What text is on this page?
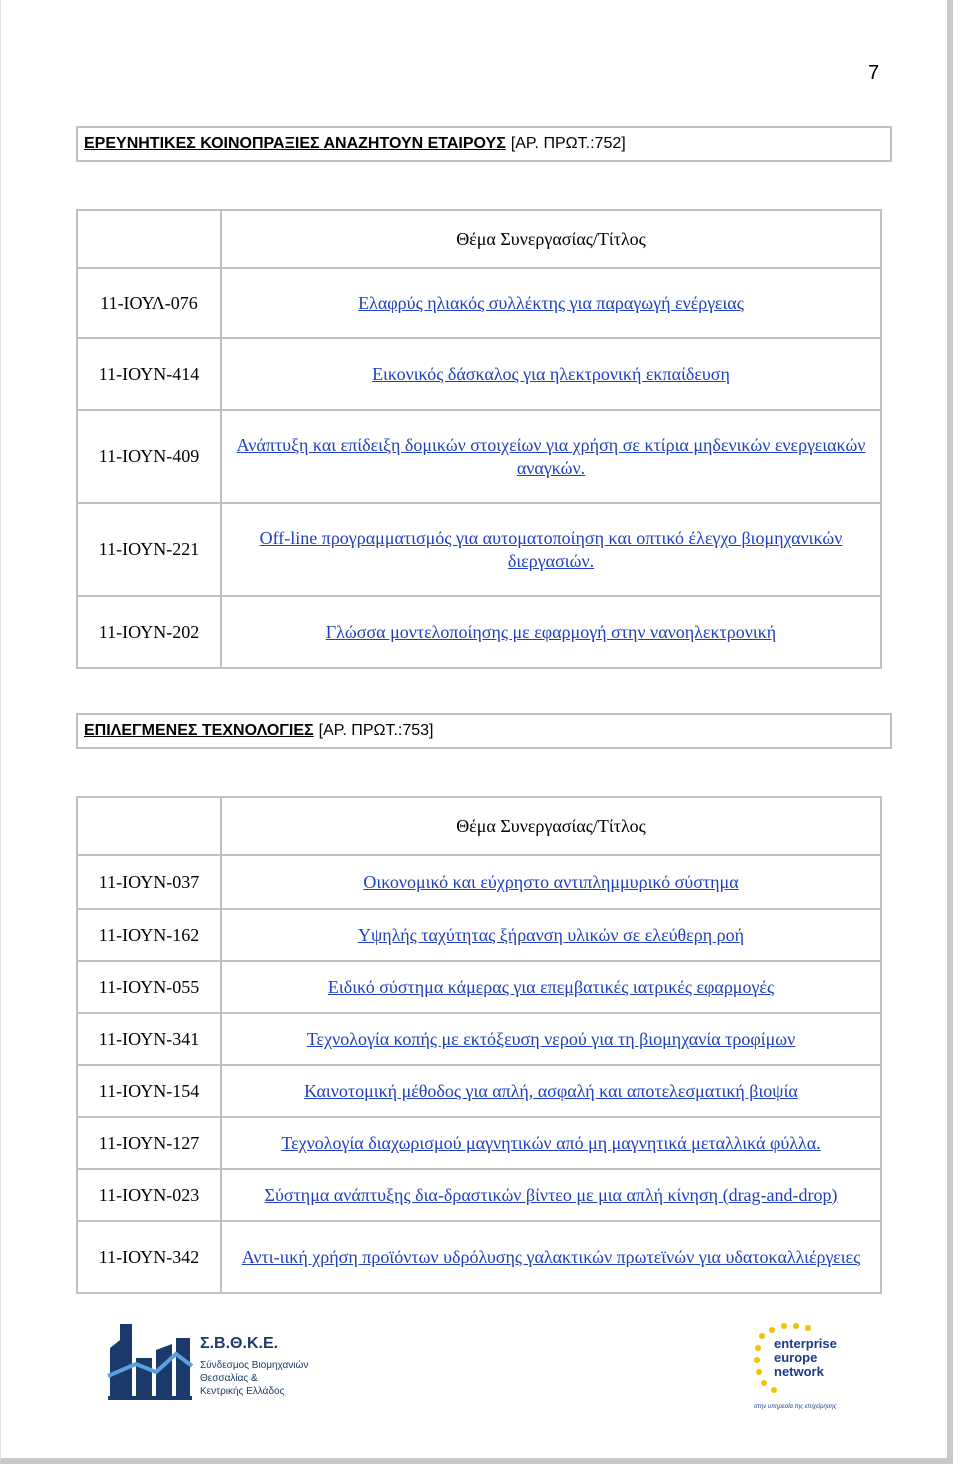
7
ΕΡΕΥΝΗΤΙΚΕΣ ΚΟΙΝΟΠΡΑΞΙΕΣ ΑΝΑΖΗΤΟΥΝ ΕΤΑΙΡΟΥΣ [ΑΡ. ΠΡΩΤ.:752]
	Θέμα Συνεργασίας/Τίτλος
11-ΙΟΥΛ-076	Ελαφρύς ηλιακός συλλέκτης για παραγωγή ενέργειας
11-ΙΟΥΝ-414	Εικονικός δάσκαλος για ηλεκτρονική εκπαίδευση
11-ΙΟΥΝ-409	Ανάπτυξη και επίδειξη δομικών στοιχείων για χρήση σε κτίρια μηδενικών ενεργειακών αναγκών.
11-ΙΟΥΝ-221	Off-line προγραμματισμός για αυτοματοποίηση και οπτικό έλεγχο βιομηχανικών διεργασιών.
11-ΙΟΥΝ-202	Γλώσσα μοντελοποίησης με εφαρμογή στην νανοηλεκτρονική
ΕΠΙΛΕΓΜΕΝΕΣ ΤΕΧΝΟΛΟΓΙΕΣ [ΑΡ. ΠΡΩΤ.:753]
	Θέμα Συνεργασίας/Τίτλος
11-ΙΟΥΝ-037	Οικονομικό και εύχρηστο αντιπλημμυρικό σύστημα
11-ΙΟΥΝ-162	Υψηλής ταχύτητας ξήρανση υλικών σε ελεύθερη ροή
11-ΙΟΥΝ-055	Ειδικό σύστημα κάμερας για επεμβατικές ιατρικές εφαρμογές
11-ΙΟΥΝ-341	Τεχνολογία κοπής με εκτόξευση νερού για τη βιομηχανία τροφίμων
11-ΙΟΥΝ-154	Καινοτομική μέθοδος για απλή, ασφαλή και αποτελεσματική βιοψία
11-ΙΟΥΝ-127	Τεχνολογία διαχωρισμού μαγνητικών από μη μαγνητικά μεταλλικά φύλλα.
11-ΙΟΥΝ-023	Σύστημα ανάπτυξης δια-δραστικών βίντεο με μια απλή κίνηση (drag-and-drop)
11-ΙΟΥΝ-342	Αντι-ιική χρήση προϊόντων υδρόλυσης γαλακτικών πρωτεϊνών για υδατοκαλλιέργειες
Σ.Β.Θ.Κ.Ε.
Σύνδεσμος Βιομηχανιών
Θεσσαλίας &
Κεντρικής Ελλάδος
enterprise
europe
network
στην υπηρεσία της επιχείρησης
